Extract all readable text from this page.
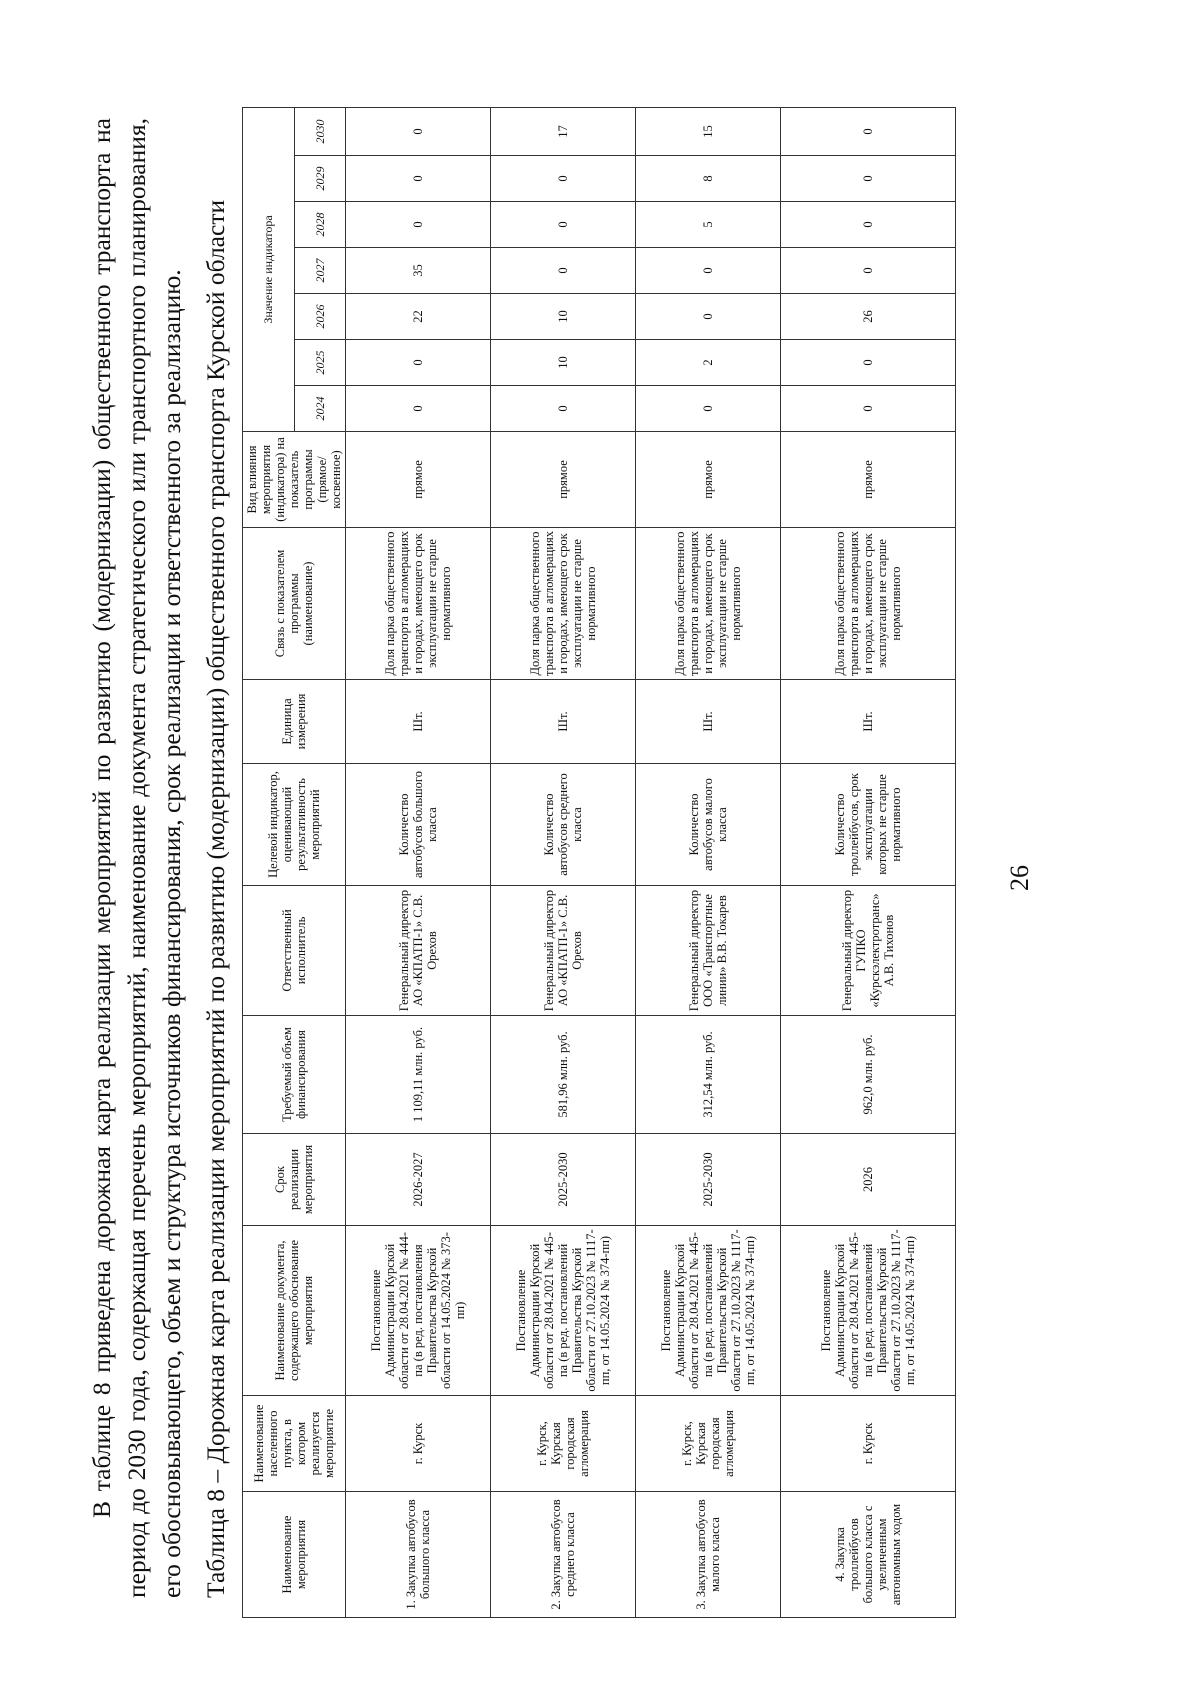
В таблице 8 приведена дорожная карта реализации мероприятий по развитию (модернизации) общественного транспорта на период до 2030 года, содержащая перечень мероприятий, наименование документа стратегического или транспортного планирования, его обосновывающего, объем и структура источников финансирования, срок реализации и ответственного за реализацию. Таблица 8 – Дорожная карта реализации мероприятий по развитию (модернизации) общественного транспорта Курской области	Наименование мероприятия	Наименование населенного пункта, в котором реализуется мероприятие	Наименование документа, содержащего обоснование мероприятия	Срок реализации мероприятия	Требуемый объем финансирования	Ответственный исполнитель	Целевой индикатор, оценивающий результативность мероприятий	Единица измерения	Связь с показателем программы (наименование)	Вид влияния мероприятия (индикатора) на показатель программы (прямое/ косвенное)	Значение индикатора						
										2024	2025	2026	2027	2028	2029	2030
1. Закупка автобусов большого класса	г. Курск	Постановление Администрации Курской области от 28.04.2021 № 444-па (в ред. постановления Правительства Курской области от 14.05.2024 № 373-пп)	2026-2027	1 109,11 млн. руб.	Генеральный директор АО «КПАТП-1» С.В. Орехов	Количество автобусов большого класса	Шт.	Доля парка общественного транспорта в агломерациях и городах, имеющего срок эксплуатации не старше нормативного	прямое	0	0	22	35	0	0	0
2. Закупка автобусов среднего класса	г. Курск, Курская городская агломерация	Постановление Администрации Курской области от 28.04.2021 № 445-па (в ред. постановлений Правительства Курской области от 27.10.2023 № 1117-пп, от 14.05.2024 № 374-пп)	2025-2030	581,96 млн. руб.	Генеральный директор АО «КПАТП-1» С.В. Орехов	Количество автобусов среднего класса	Шт.	Доля парка общественного транспорта в агломерациях и городах, имеющего срок эксплуатации не старше нормативного	прямое	0	10	10	0	0	0	17
3. Закупка автобусов малого класса	г. Курск, Курская городская агломерация	Постановление Администрации Курской области от 28.04.2021 № 445-па (в ред. постановлений Правительства Курской области от 27.10.2023 № 1117-пп, от 14.05.2024 № 374-пп)	2025-2030	312,54 млн. руб.	Генеральный директор ООО «Транспортные линии» В.В. Токарев	Количество автобусов малого класса	Шт.	Доля парка общественного транспорта в агломерациях и городах, имеющего срок эксплуатации не старше нормативного	прямое	0	2	0	0	5	8	15
4. Закупка троллейбусов большого класса с увеличенным автономным ходом	г. Курск	Постановление Администрации Курской области от 28.04.2021 № 445-па (в ред. постановлений Правительства Курской области от 27.10.2023 № 1117-пп, от 14.05.2024 № 374-пп)	2026	962,0 млн. руб.	Генеральный директор ГУПКО «Курскэлектротранс» А.В. Тихонов	Количество троллейбусов, срок эксплуатации которых не старше нормативного	Шт.	Доля парка общественного транспорта в агломерациях и городах, имеющего срок эксплуатации не старше нормативного	прямое	0	0	26	0	0	0	0
26
